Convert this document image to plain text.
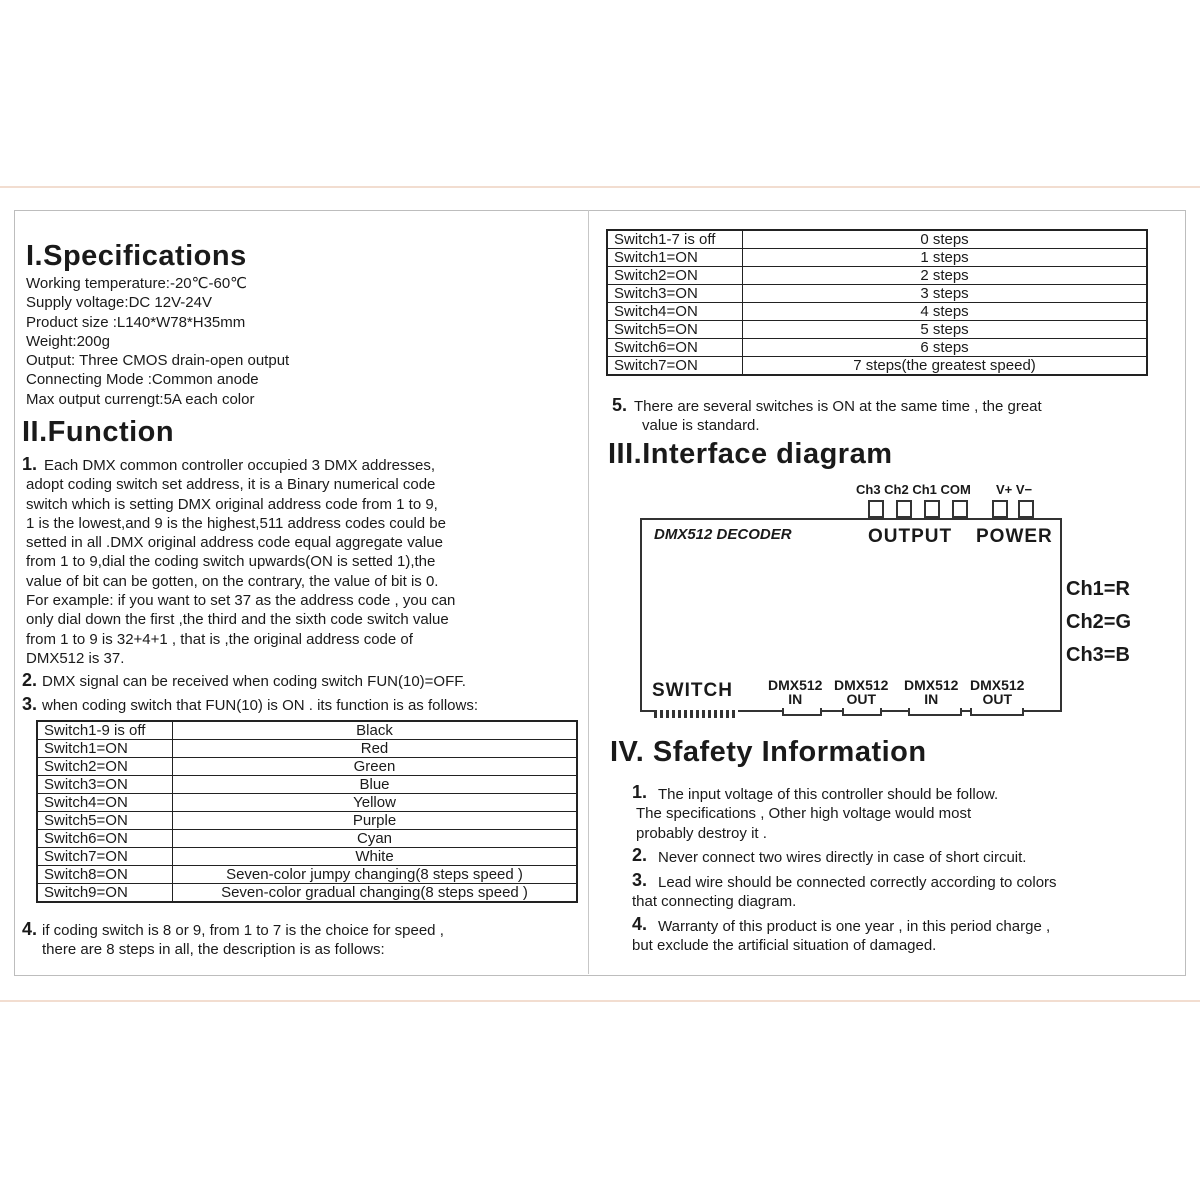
I.Specifications
Working temperature:-20℃-60℃
Supply voltage:DC 12V-24V
Product size :L140*W78*H35mm
Weight:200g
Output: Three CMOS drain-open output
Connecting Mode :Common anode
Max output currengt:5A each color
II.Function
1. Each DMX common controller occupied 3 DMX addresses,
adopt coding switch set address, it is a Binary numerical code
switch which is setting DMX original address code from 1 to 9,
1 is the lowest,and 9 is the highest,511 address codes could be
setted in all .DMX original address code equal aggregate value
from 1 to 9,dial the coding switch upwards(ON is setted 1),the
value of bit can be gotten, on the contrary, the value of bit is 0.
For example: if you want to set 37 as the address code , you can
only dial down the first ,the third and the sixth code switch value
from 1 to 9 is 32+4+1 , that is ,the original address code of
DMX512 is 37.
2. DMX signal can be received when coding switch FUN(10)=OFF.
3. when coding switch that FUN(10) is ON . its function is as follows:
Switch1-9 is off	Black
Switch1=ON	Red
Switch2=ON	Green
Switch3=ON	Blue
Switch4=ON	Yellow
Switch5=ON	Purple
Switch6=ON	Cyan
Switch7=ON	White
Switch8=ON	Seven-color jumpy changing(8 steps speed )
Switch9=ON	Seven-color gradual changing(8 steps speed )
4. if coding switch is 8 or 9, from 1 to 7 is the choice for speed ,
there are 8 steps in all, the description is as follows:
Switch1-7 is off	0 steps
Switch1=ON	1 steps
Switch2=ON	2 steps
Switch3=ON	3 steps
Switch4=ON	4 steps
Switch5=ON	5 steps
Switch6=ON	6 steps
Switch7=ON	7 steps(the greatest speed)
5. There are several switches is ON at the same time , the great
value is standard.
III.Interface diagram
Ch3 Ch2 Ch1 COM V+ V−
DMX512 DECODER	OUTPUT POWER
SWITCH	DMX512
IN
DMX512
OUT
DMX512
IN
DMX512
OUT
Ch1=R
Ch2=G
Ch3=B
IV. Sfafety Information
1. The input voltage of this controller should be follow.
The specifications , Other high voltage would most
probably destroy it .
2. Never connect two wires directly in case of short circuit.
3. Lead wire should be connected correctly according to colors
that connecting diagram.
4. Warranty of this product is one year , in this period charge ,
but exclude the artificial situation of damaged.
